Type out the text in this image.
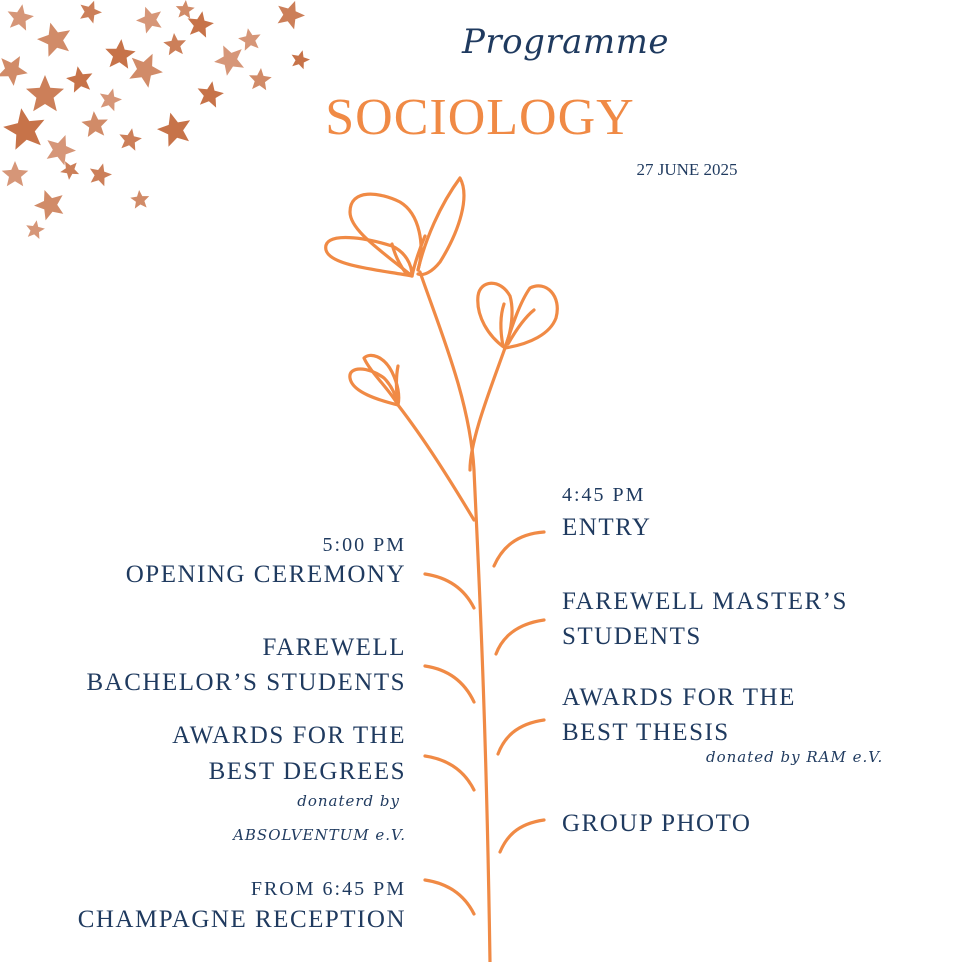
Programme
SOCIOLOGY
27 JUNE 2025
5:00 PM
OPENING CEREMONY
FAREWELL
BACHELOR’S STUDENTS
AWARDS FOR THE
BEST DEGREES
donaterd by
ABSOLVENTUM e.V.
FROM 6:45 PM
CHAMPAGNE RECEPTION
4:45 PM
ENTRY
FAREWELL MASTER’S
STUDENTS
AWARDS FOR THE
BEST THESIS
donated by RAM e.V.
GROUP PHOTO
